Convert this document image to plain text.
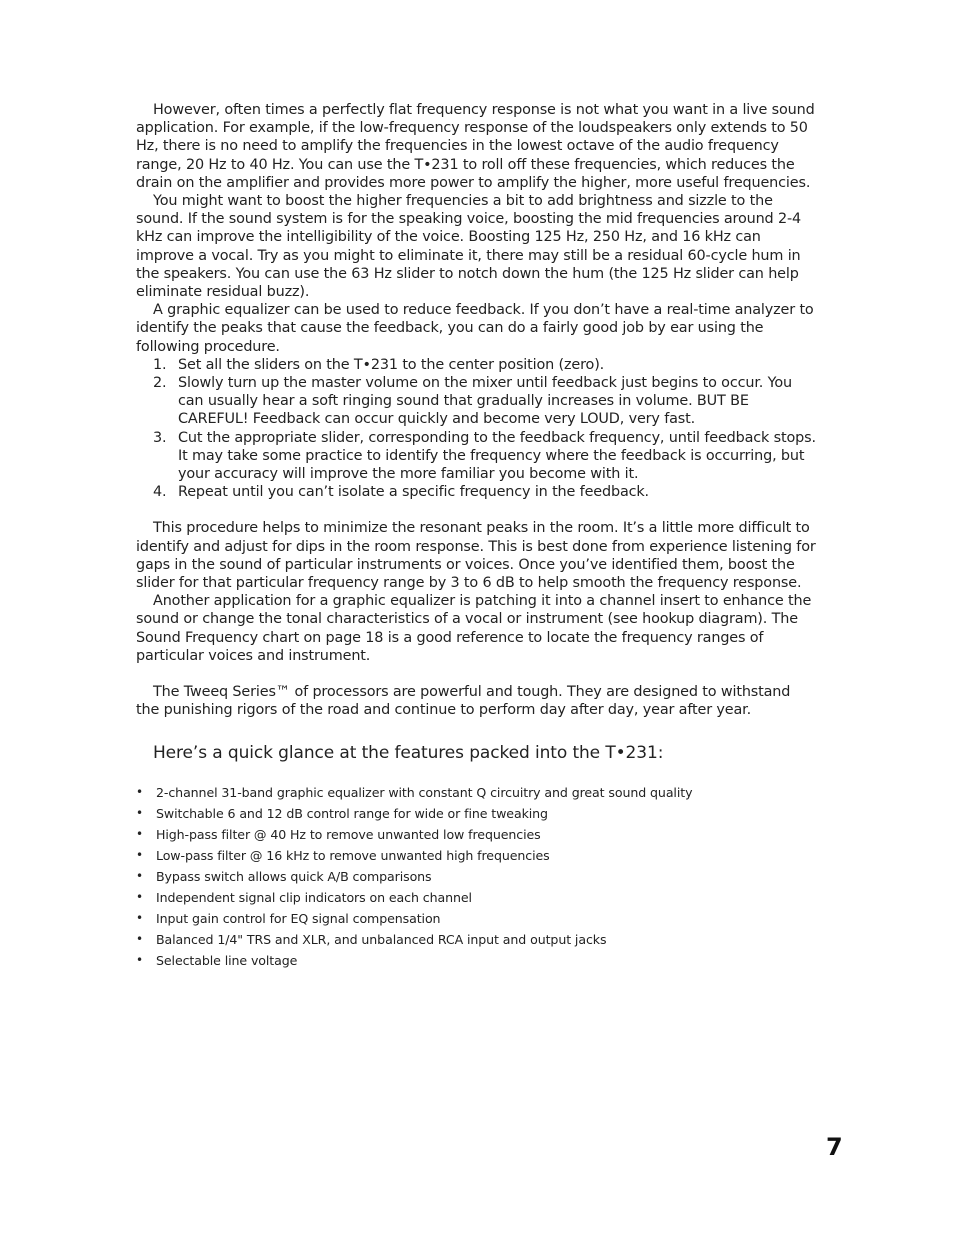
However, often times a perfectly flat frequency response is not what you want in a live sound application. For example, if the low-frequency response of the loudspeakers only extends to 50 Hz, there is no need to amplify the frequencies in the lowest octave of the audio frequency range, 20 Hz to 40 Hz. You can use the T•231 to roll off these frequencies, which reduces the drain on the amplifier and provides more power to amplify the higher, more useful frequencies.

You might want to boost the higher frequencies a bit to add brightness and sizzle to the sound. If the sound system is for the speaking voice, boosting the mid frequencies around 2-4 kHz can improve the intelligibility of the voice. Boosting 125 Hz, 250 Hz, and 16 kHz can improve a vocal. Try as you might to eliminate it, there may still be a residual 60-cycle hum in the speakers. You can use the 63 Hz slider to notch down the hum (the 125 Hz slider can help eliminate residual buzz).

A graphic equalizer can be used to reduce feedback. If you don’t have a real-time analyzer to identify the peaks that cause the feedback, you can do a fairly good job by ear using the following procedure.

1. Set all the sliders on the T•231 to the center position (zero).
2. Slowly turn up the master volume on the mixer until feedback just begins to occur. You can usually hear a soft ringing sound that gradually increases in volume. BUT BE CAREFUL! Feedback can occur quickly and become very LOUD, very fast.
3. Cut the appropriate slider, corresponding to the feedback frequency, until feedback stops. It may take some practice to identify the frequency where the feedback is occurring, but your accuracy will improve the more familiar you become with it.
4. Repeat until you can’t isolate a specific frequency in the feedback.

This procedure helps to minimize the resonant peaks in the room. It’s a little more difficult to identify and adjust for dips in the room response. This is best done from experience listening for gaps in the sound of particular instruments or voices. Once you’ve identified them, boost the slider for that particular frequency range by 3 to 6 dB to help smooth the frequency response.

Another application for a graphic equalizer is patching it into a channel insert to enhance the sound or change the tonal characteristics of a vocal or instrument (see hookup diagram). The Sound Frequency chart on page 18 is a good reference to locate the frequency ranges of particular voices and instrument.

The Tweeq Series™ of processors are powerful and tough. They are designed to withstand the punishing rigors of the road and continue to perform day after day, year after year.

Here’s a quick glance at the features packed into the T•231:
• 2-channel 31-band graphic equalizer with constant Q circuitry and great sound quality
• Switchable 6 and 12 dB control range for wide or fine tweaking
• High-pass filter @ 40 Hz to remove unwanted low frequencies
• Low-pass filter @ 16 kHz to remove unwanted high frequencies
• Bypass switch allows quick A/B comparisons
• Independent signal clip indicators on each channel
• Input gain control for EQ signal compensation
• Balanced 1/4" TRS and XLR, and unbalanced RCA input and output jacks
• Selectable line voltage
7
